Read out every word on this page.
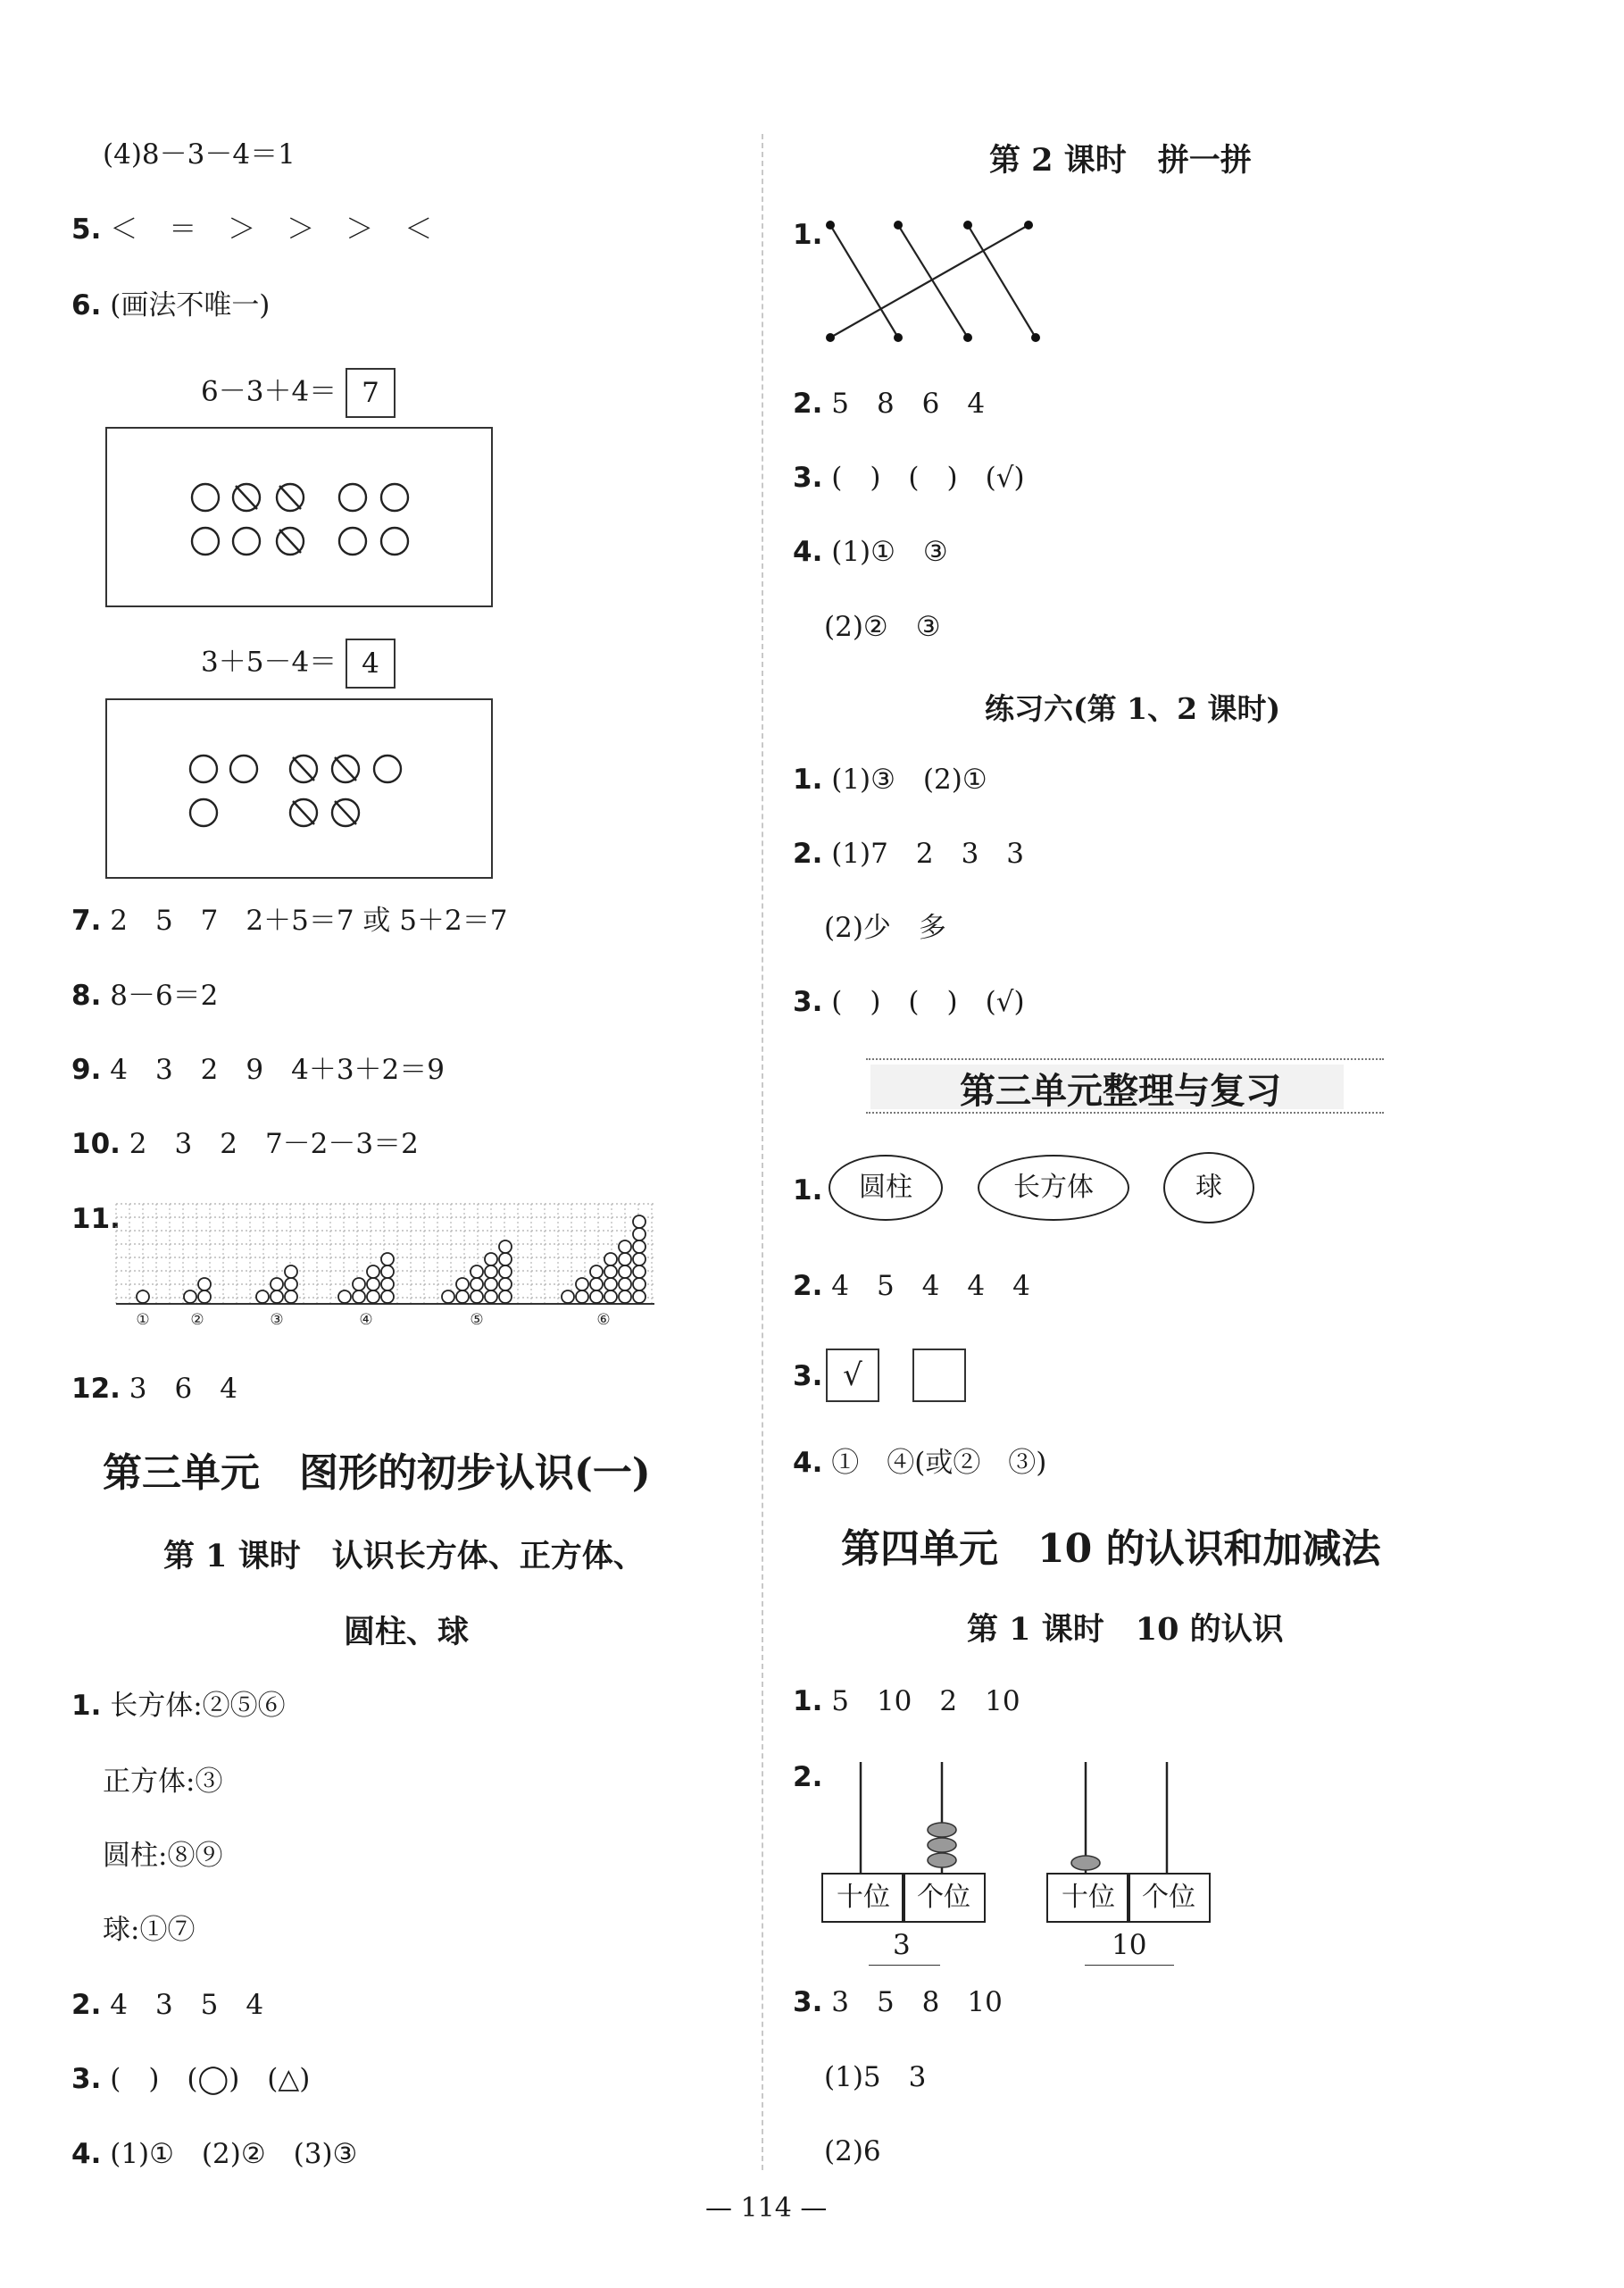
(4)8－3－4＝1
5. ＜　＝　＞　＞　＞　＜
6. (画法不唯一)
6－3＋4＝ 7
3＋5－4＝ 4
7. 2　5　7　2＋5＝7 或 5＋2＝7
8. 8－6＝2
9. 4　3　2　9　4＋3＋2＝9
10. 2　3　2　7－2－3＝2
11.
①	②	③	④	⑤	⑥
12. 3　6　4
第三单元　图形的初步认识(一)
第 1 课时　认识长方体、正方体、
圆柱、球
1. 长方体:②⑤⑥
正方体:③
圆柱:⑧⑨
球:①⑦
2. 4　3　5　4
3. (　)　(◯)　(△)
4. (1)①　(2)②　(3)③
第 2 课时　拼一拼
1.
2. 5　8　6　4
3. (　)　(　)　(√)
4. (1)①　③
(2)②　③
练习六(第 1、2 课时)
1. (1)③　(2)①
2. (1)7　2　3　3
(2)少　多
3. (　)　(　)　(√)
第三单元整理与复习
1.	圆柱	长方体	球
2. 4　5　4　4　4
3. √
4. ①　④(或②　③)
第四单元　10 的认识和加减法
第 1 课时　10 的认识
1. 5　10　2　10
2.
十位	个位
3
十位	个位
10
3. 3　5　8　10
(1)5　3
(2)6
— 114 —
